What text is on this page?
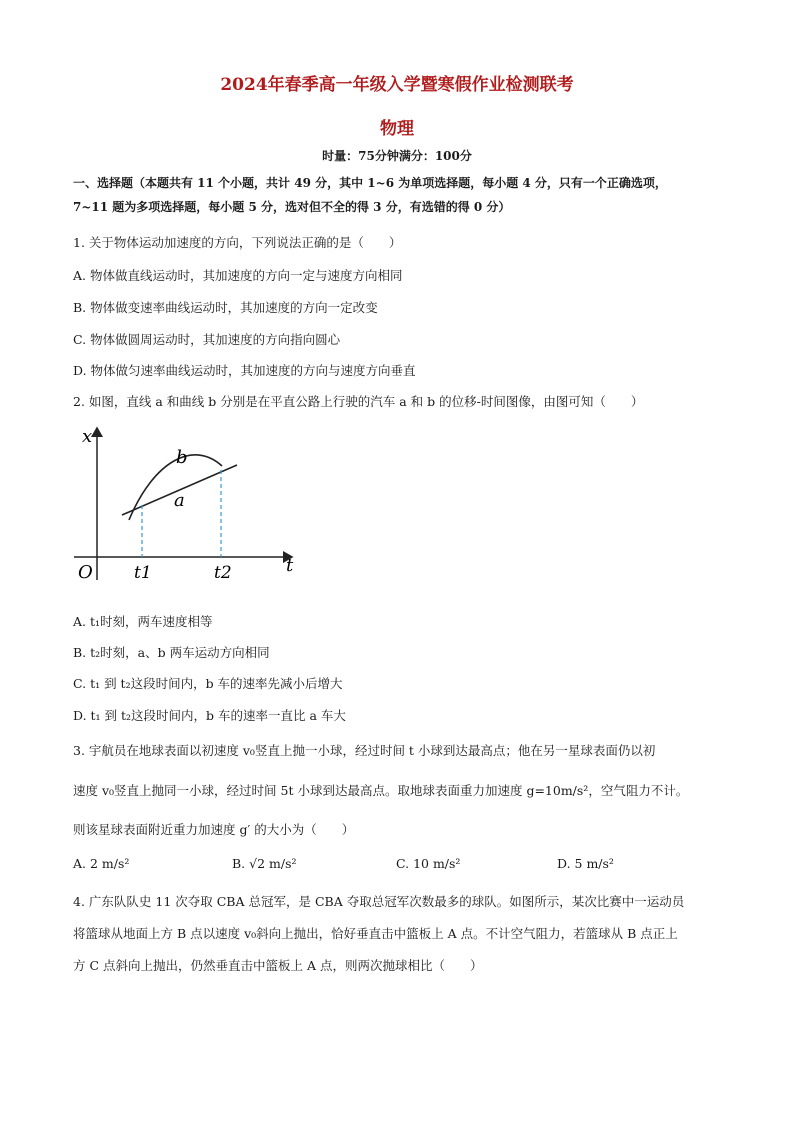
2024年春季高一年级入学暨寒假作业检测联考
物理
时量：75分钟满分：100分
一、选择题（本题共有 11 个小题，共计 49 分，其中 1~6 为单项选择题，每小题 4 分，只有一个正确选项，
7~11 题为多项选择题，每小题 5 分，选对但不全的得 3 分，有选错的得 0 分）
1. 关于物体运动加速度的方向，下列说法正确的是（　　）
A. 物体做直线运动时，其加速度的方向一定与速度方向相同
B. 物体做变速率曲线运动时，其加速度的方向一定改变
C. 物体做圆周运动时，其加速度的方向指向圆心
D. 物体做匀速率曲线运动时，其加速度的方向与速度方向垂直
2. 如图，直线 a 和曲线 b 分别是在平直公路上行驶的汽车 a 和 b 的位移-时间图像，由图可知（　　）
x
t
O
b
a
t1	t2
A. t₁时刻，两车速度相等
B. t₂时刻，a、b 两车运动方向相同
C. t₁ 到 t₂这段时间内，b 车的速率先减小后增大
D. t₁ 到 t₂这段时间内，b 车的速率一直比 a 车大
3. 宇航员在地球表面以初速度 v₀竖直上抛一小球，经过时间 t 小球到达最高点；他在另一星球表面仍以初
速度 v₀竖直上抛同一小球，经过时间 5t 小球到达最高点。取地球表面重力加速度 g=10m/s²，空气阻力不计。
则该星球表面附近重力加速度 g′ 的大小为（　　）
A. 2 m/s²	B. √2 m/s²	C. 10 m/s²	D. 5 m/s²
4. 广东队队史 11 次夺取 CBA 总冠军，是 CBA 夺取总冠军次数最多的球队。如图所示，某次比赛中一运动员
将篮球从地面上方 B 点以速度 v₀斜向上抛出，恰好垂直击中篮板上 A 点。不计空气阻力，若篮球从 B 点正上
方 C 点斜向上抛出，仍然垂直击中篮板上 A 点，则两次抛球相比（　　）
